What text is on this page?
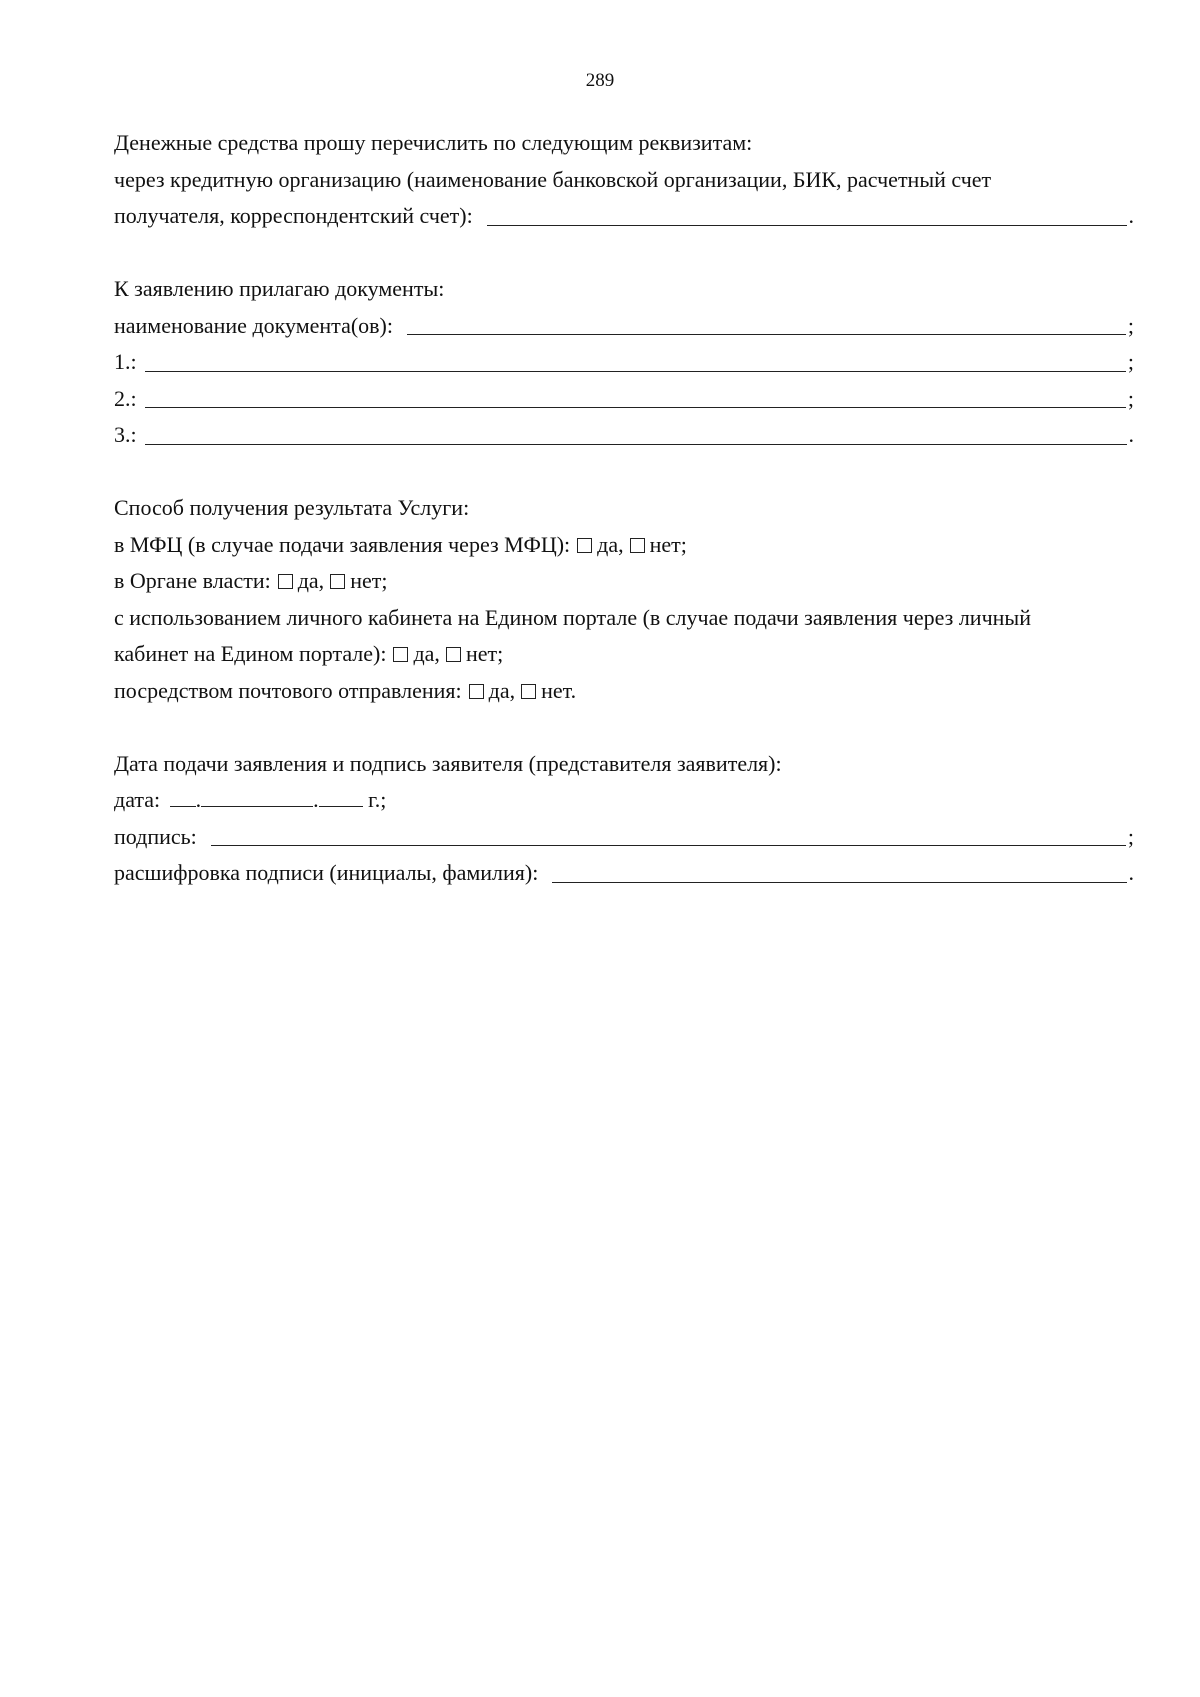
289
Денежные средства прошу перечислить по следующим реквизитам:
через кредитную организацию (наименование банковской организации, БИК, расчетный счет
получателя, корреспондентский счет):	.
К заявлению прилагаю документы:
наименование документа(ов):	;
1.:	;
2.:	;
3.:	.
Способ получения результата Услуги:
в МФЦ (в случае подачи заявления через МФЦ): да, нет;
в Органе власти: да, нет;
с использованием личного кабинета на Едином портале (в случае подачи заявления через личный
кабинет на Едином портале): да, нет;
посредством почтового отправления: да, нет.
Дата подачи заявления и подпись заявителя (представителя заявителя):
дата: .	. г.;
подпись:	;
расшифровка подписи (инициалы, фамилия):	.
